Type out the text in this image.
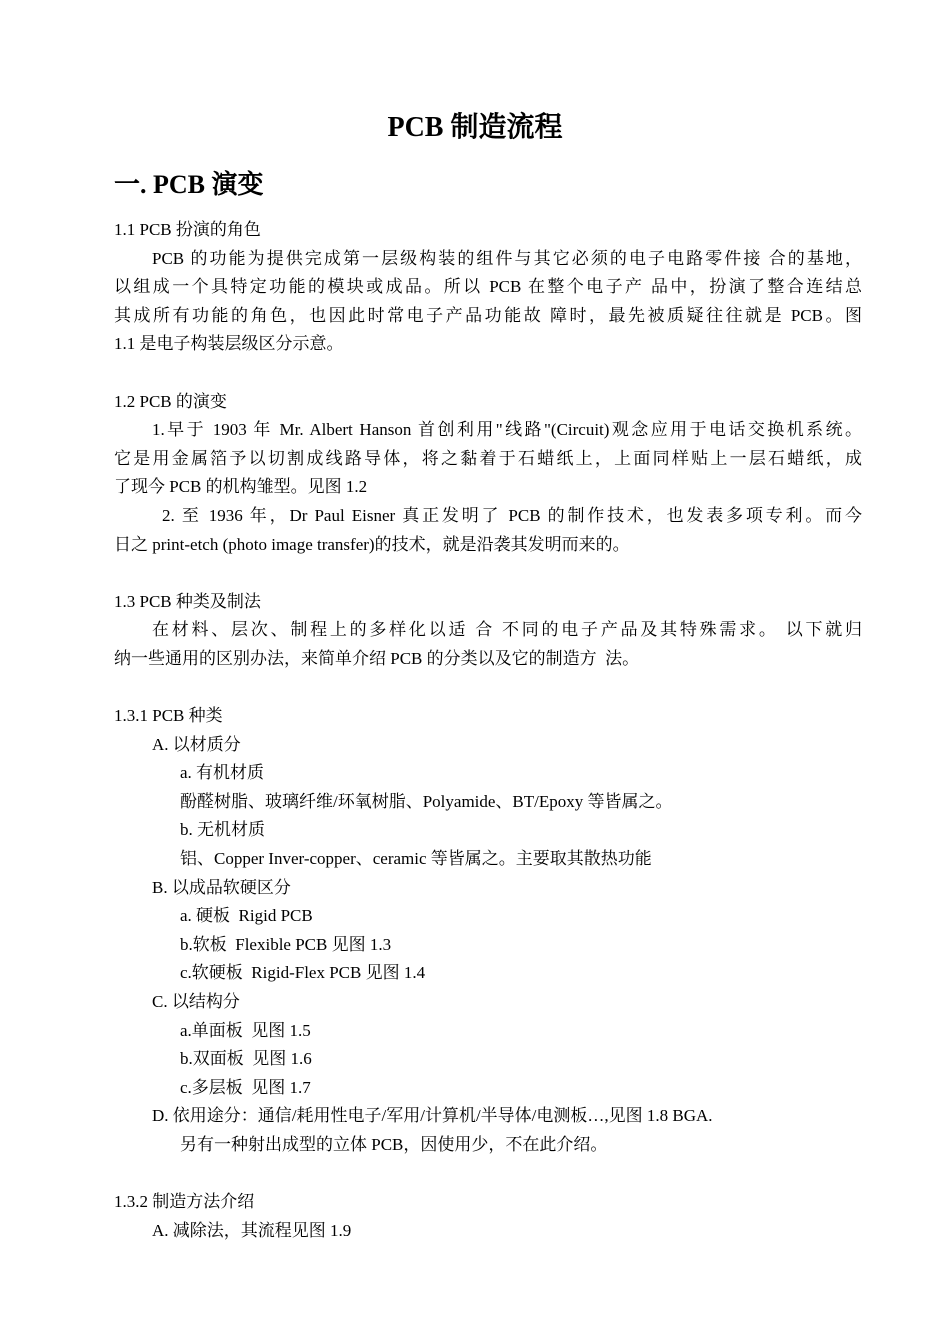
PCB 制造流程
一. PCB 演变
1.1 PCB 扮演的角色
PCB 的功能为提供完成第一层级构装的组件与其它必须的电子电路零件接 合的基地，
以组成一个具特定功能的模块或成品。所以 PCB 在整个电子产 品中，扮演了整合连结总
其成所有功能的角色，也因此时常电子产品功能故 障时，最先被质疑往往就是 PCB。图
1.1 是电子构装层级区分示意。
1.2 PCB 的演变
1.早于 1903 年 Mr. Albert Hanson 首创利用"线路"(Circuit)观念应用于电话交换机系统。
它是用金属箔予以切割成线路导体，将之黏着于石蜡纸上，上面同样贴上一层石蜡纸，成
了现今 PCB 的机构雏型。见图 1.2
2. 至 1936 年，Dr Paul Eisner 真正发明了 PCB 的制作技术，也发表多项专利。而今
日之 print-etch (photo image transfer)的技术，就是沿袭其发明而来的。
1.3 PCB 种类及制法
在材料、层次、制程上的多样化以适 合 不同的电子产品及其特殊需求。 以下就归
纳一些通用的区别办法，来简单介绍 PCB 的分类以及它的制造方  法。
1.3.1 PCB 种类
A. 以材质分
a. 有机材质
酚醛树脂、玻璃纤维/环氧树脂、Polyamide、BT/Epoxy 等皆属之。
b. 无机材质
铝、Copper Inver-copper、ceramic 等皆属之。主要取其散热功能
B. 以成品软硬区分
a. 硬板  Rigid PCB
b.软板  Flexible PCB 见图 1.3
c.软硬板  Rigid-Flex PCB 见图 1.4
C. 以结构分
a.单面板  见图 1.5
b.双面板  见图 1.6
c.多层板  见图 1.7
D. 依用途分：通信/耗用性电子/军用/计算机/半导体/电测板…,见图 1.8 BGA.
另有一种射出成型的立体 PCB，因使用少，不在此介绍。
1.3.2 制造方法介绍
A. 减除法，其流程见图 1.9
